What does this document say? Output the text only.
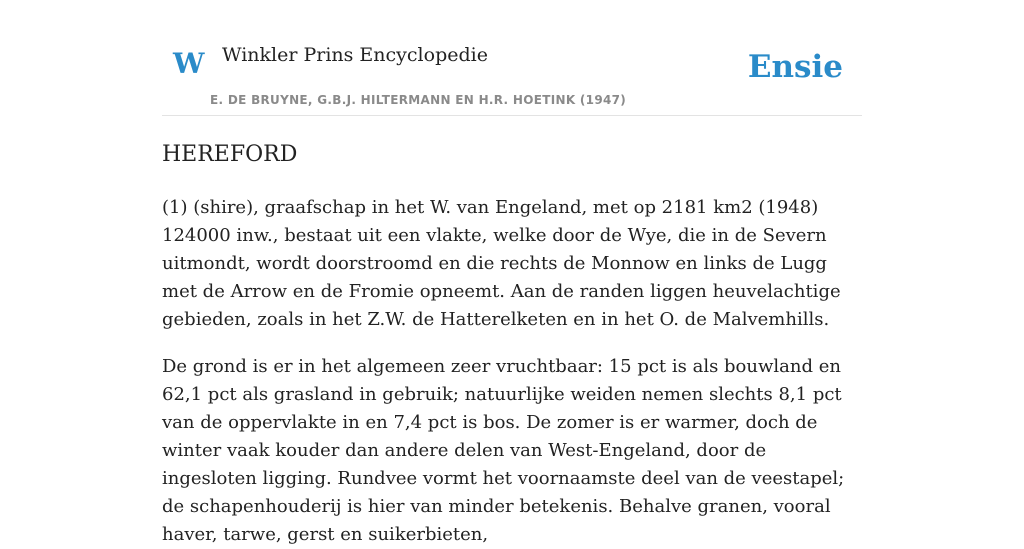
W Winkler Prins Encyclopedie
E. DE BRUYNE, G.B.J. HILTERMANN EN H.R. HOETINK (1947)
Ensie
HEREFORD

(1) (shire), graafschap in het W. van Engeland, met op 2181 km2 (1948) 124000 inw., bestaat uit een vlakte, welke door de Wye, die in de Severn uitmondt, wordt doorstroomd en die rechts de Monnow en links de Lugg met de Arrow en de Fromie opneemt. Aan de randen liggen heuvelachtige gebieden, zoals in het Z.W. de Hatterelketen en in het O. de Malvemhills.

De grond is er in het algemeen zeer vruchtbaar: 15 pct is als bouwland en 62,1 pct als grasland in gebruik; natuurlijke weiden nemen slechts 8,1 pct van de oppervlakte in en 7,4 pct is bos. De zomer is er warmer, doch de winter vaak kouder dan andere delen van West-Engeland, door de ingesloten ligging. Rundvee vormt het voornaamste deel van de veestapel; de schapenhouderij is hier van minder betekenis. Behalve granen, vooral haver, tarwe, gerst en suikerbieten,
